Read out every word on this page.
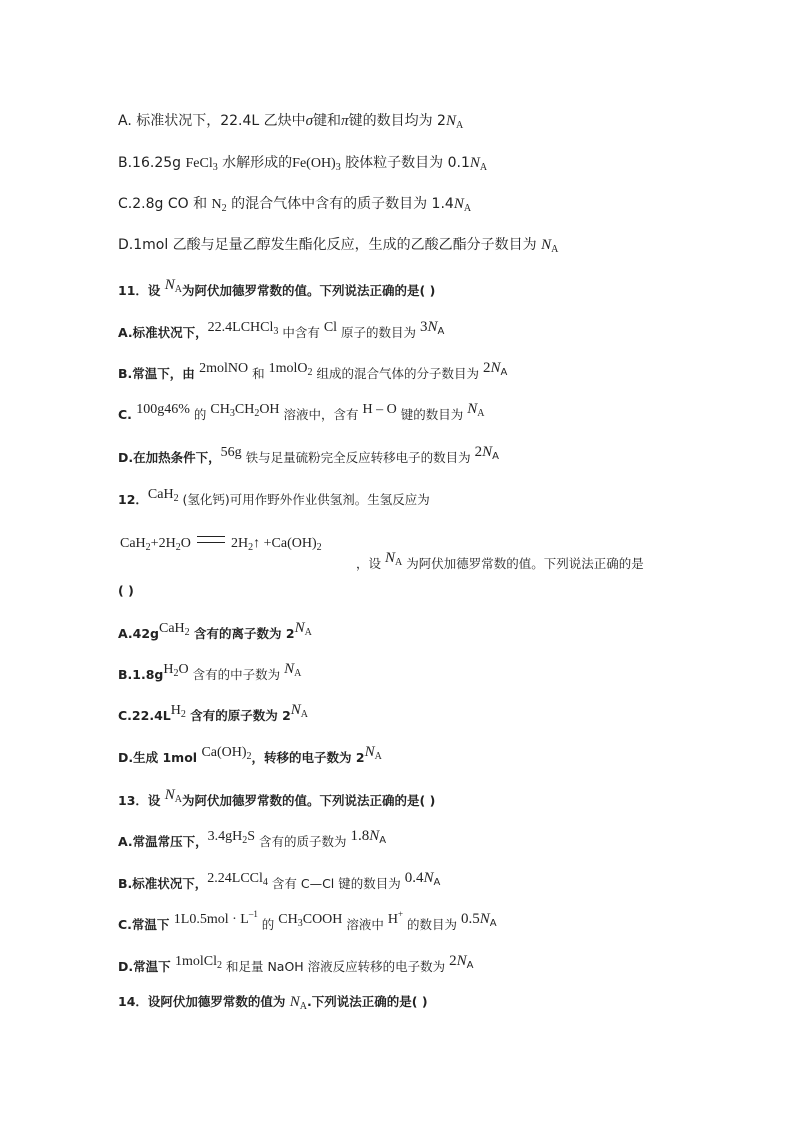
A. 标准状况下，22.4L 乙炔中σ键和π键的数目均为 $2N_A$
B.16.25g FeCl$_3$ 水解形成的$Fe(OH)_3$ 胶体粒子数目为 $0.1N_A$
C.2.8g CO 和 $N_2$ 的混合气体中含有的质子数目为 $1.4N_A$
D.1mol 乙酸与足量乙醇发生酯化反应，生成的乙酸乙酯分子数目为 $N_A$
11．设 $N_A$为阿伏加德罗常数的值。下列说法正确的是( )
A.标准状况下，22.4LCHCl$_3$ 中含有 Cl 原子的数目为 $3N_A$
B.常温下，由 2molNO 和 1molO$_2$ 组成的混合气体的分子数目为 $2N_A$
C. 100g46% 的 $CH_3CH_2OH$ 溶液中，含有 H – O 键的数目为 $N_A$
D.在加热条件下，56g 铁与足量硫粉完全反应转移电子的数目为 $2N_A$
12．CaH$_2$ (氢化钙)可用作野外作业供氢剂。生氢反应为
$CaH_2+2H_2O$	$2H_2↑ +Ca(OH)_2$
，设 $N_A$ 为阿伏加德罗常数的值。下列说法正确的是
( )
A.42gCaH$_2$ 含有的离子数为 $2N_A$
$B.1.8gH_2O$ 含有的中子数为 $N_A$
$C.22.4LH_2$ 含有的原子数为 $2N_A$
D.生成 1mol $Ca(OH)_2$，转移的电子数为 $2N_A$
13．设 $N_A$为阿伏加德罗常数的值。下列说法正确的是( )
A.常温常压下，$3.4gH_2S$ 含有的质子数为 $1.8N_A$
B.标准状况下，2.24LCCl$_4$ 含有 C—Cl 键的数目为 $0.4N_A$
C.常温下 $1L0.5mol \cdot L^{-1}$ 的 $CH_3COOH$ 溶液中 H+ 的数目为 $0.5N_A$
D.常温下 1molCl$_2$ 和足量 NaOH 溶液反应转移的电子数为 $2N_A$
14．设阿伏加德罗常数的值为 $N_A$.下列说法正确的是( )
